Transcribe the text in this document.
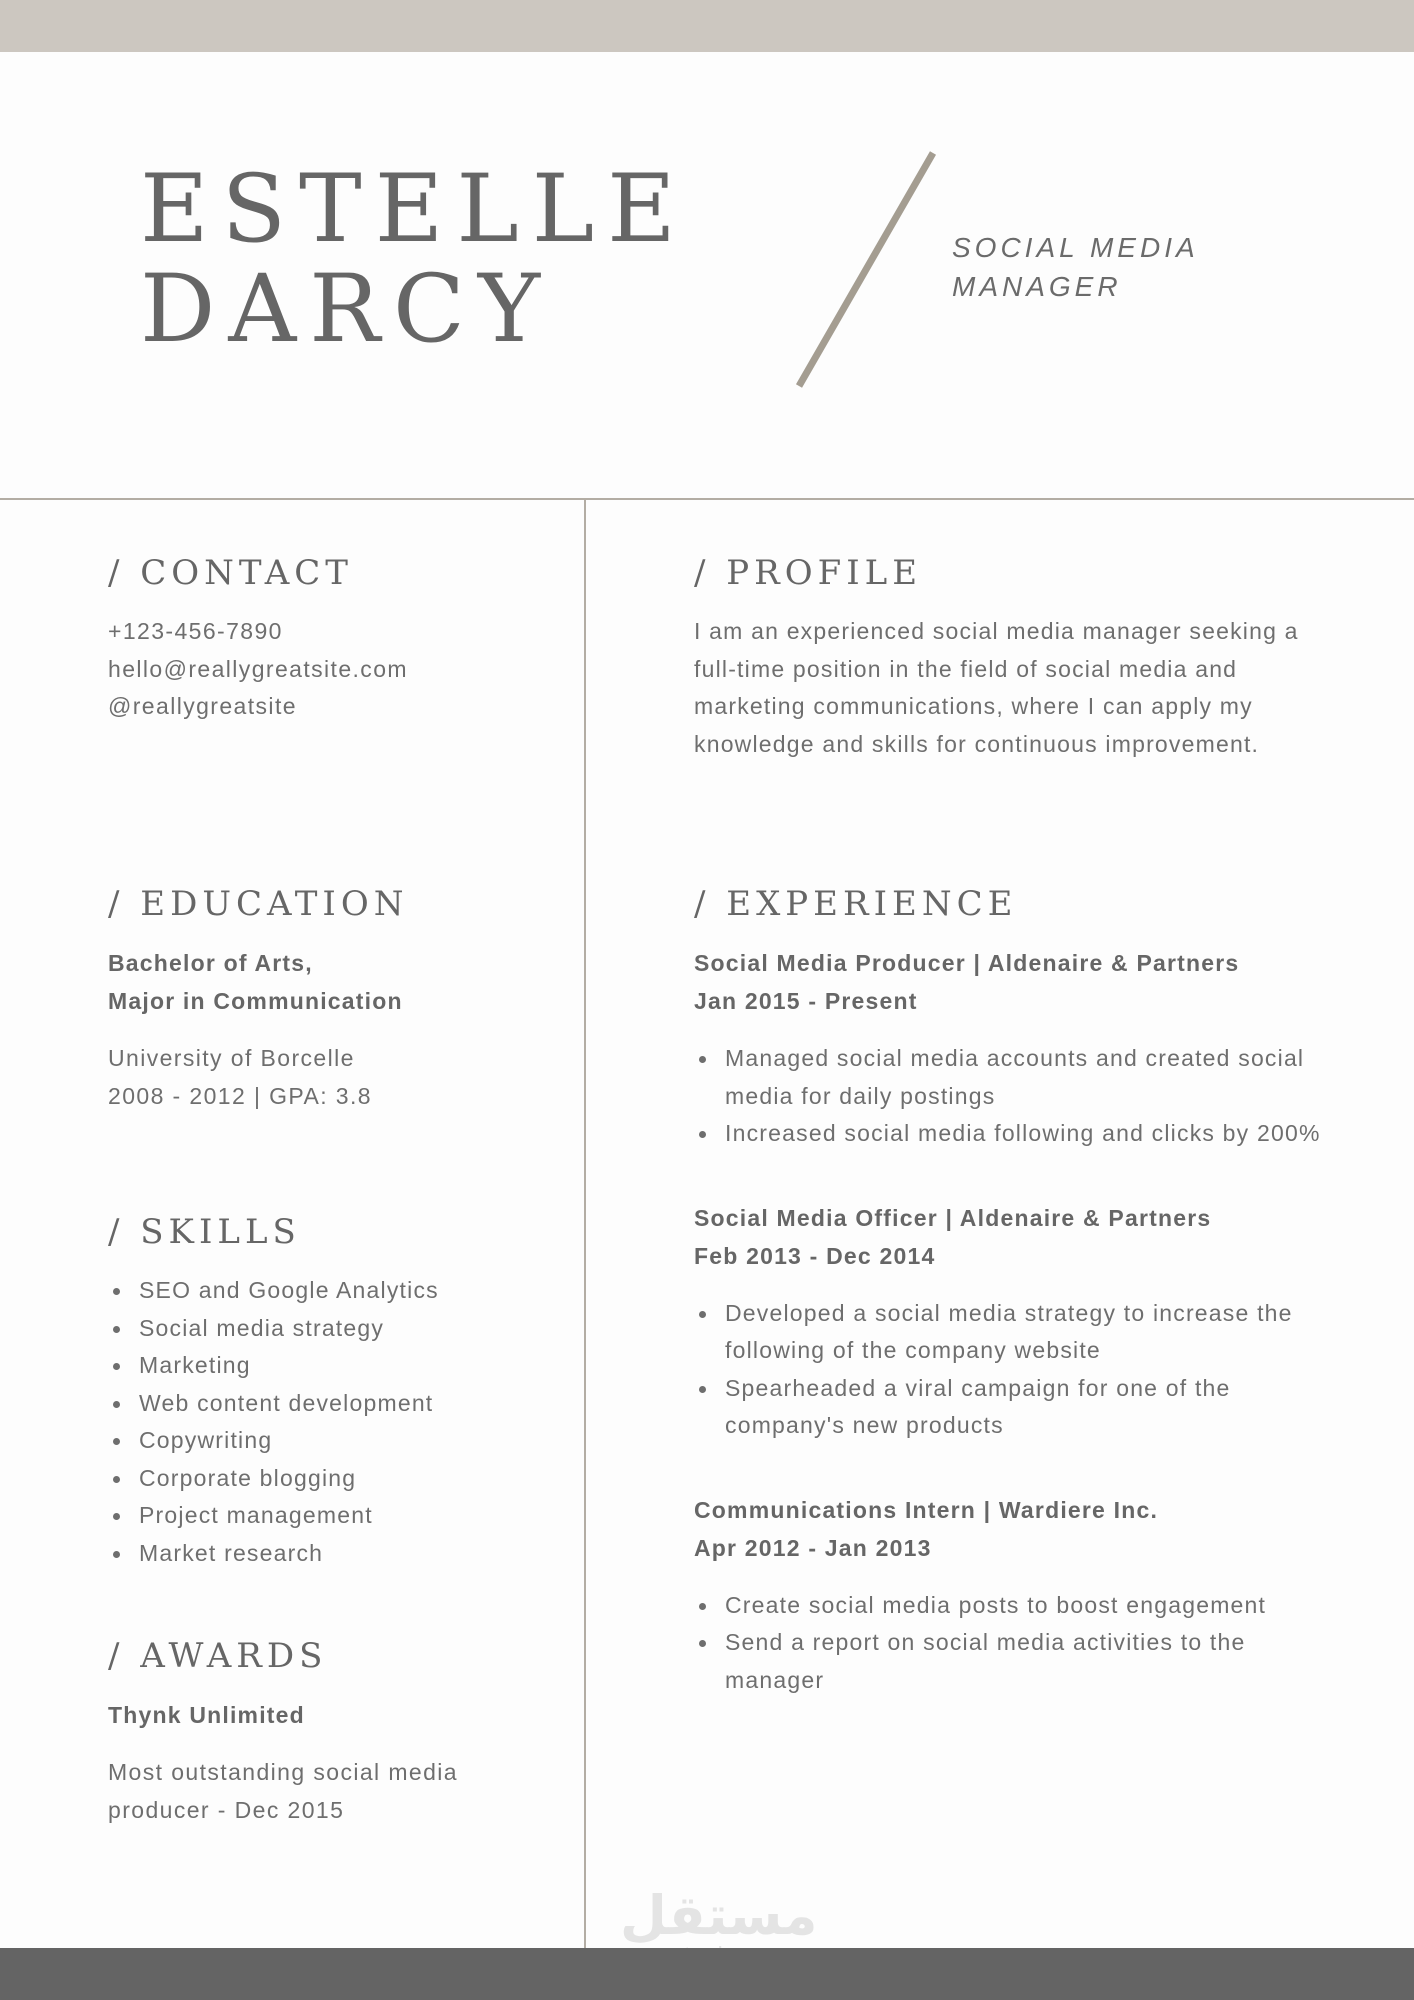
ESTELLE
DARCY
SOCIAL MEDIA
MANAGER
/ CONTACT
+123-456-7890
hello@reallygreatsite.com
@reallygreatsite
/ EDUCATION
Bachelor of Arts,
Major in Communication
University of Borcelle
2008 - 2012 | GPA: 3.8
/ SKILLS
SEO and Google Analytics
Social media strategy
Marketing
Web content development
Copywriting
Corporate blogging
Project management
Market research
/ AWARDS
Thynk Unlimited
Most outstanding social media
producer - Dec 2015
/ PROFILE

I am an experienced social media manager seeking a full-time position in the field of social media and marketing communications, where I can apply my knowledge and skills for continuous improvement.

/ EXPERIENCE
Social Media Producer | Aldenaire & Partners
Jan 2015 - Present
Managed social media accounts and created social media for daily postings
Increased social media following and clicks by 200%
Social Media Officer | Aldenaire & Partners
Feb 2013 - Dec 2014
Developed a social media strategy to increase the following of the company website
Spearheaded a viral campaign for one of the company's new products
Communications Intern | Wardiere Inc.
Apr 2012 - Jan 2013
Create social media posts to boost engagement
Send a report on social media activities to the manager
مستقل
